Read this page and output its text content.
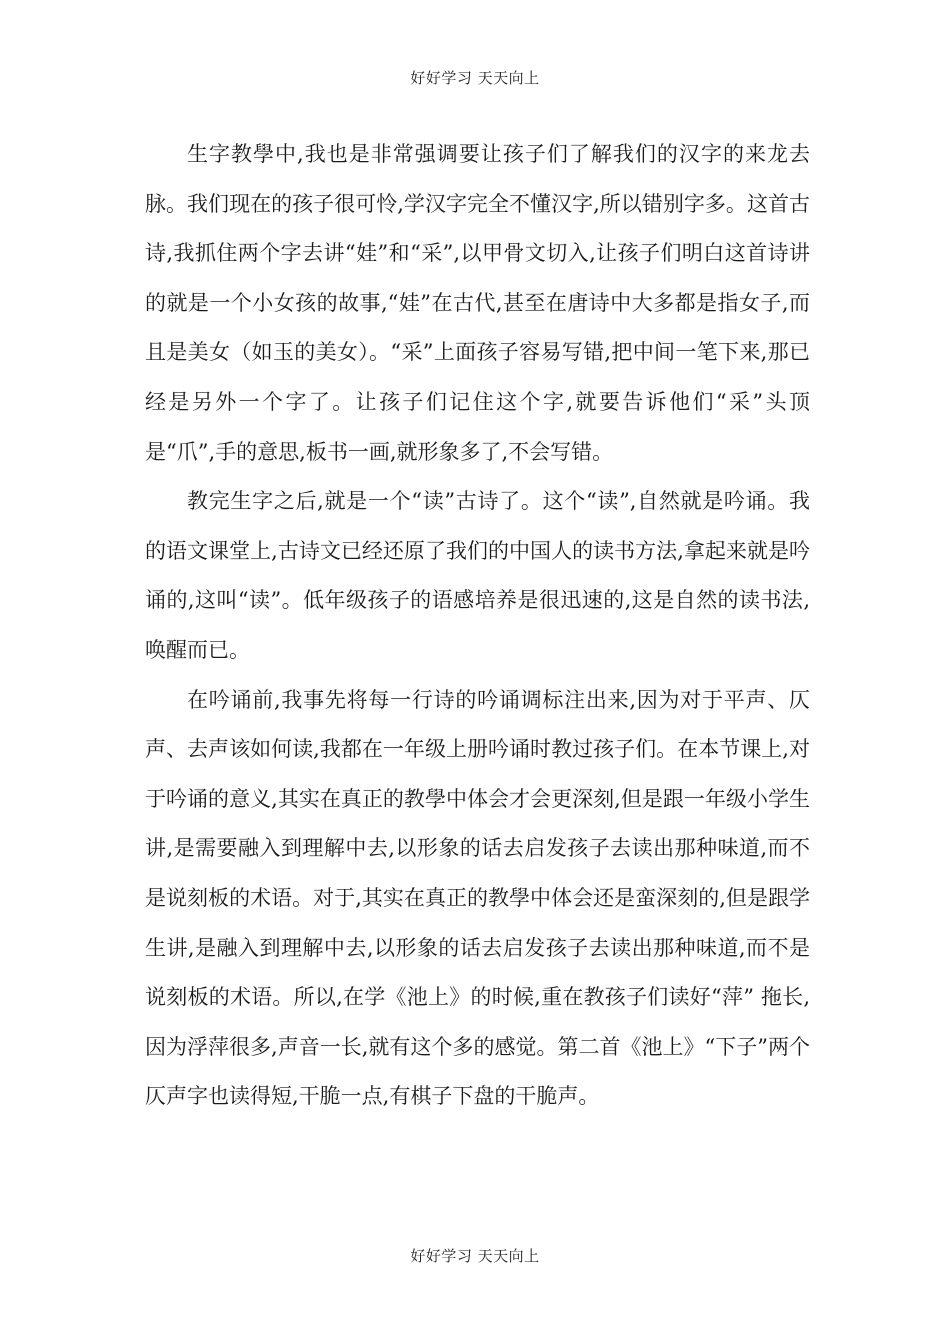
好好学习 天天向上

生字教學中,我也是非常强调要让孩子们了解我们的汉字的来龙去脉。我们现在的孩子很可怜,学汉字完全不懂汉字,所以错别字多。这首古诗,我抓住两个字去讲“娃”和“采”,以甲骨文切入,让孩子们明白这首诗讲的就是一个小女孩的故事,“娃”在古代,甚至在唐诗中大多都是指女子,而且是美女（如玉的美女）。“采”上面孩子容易写错,把中间一笔下来,那已经是另外一个字了。让孩子们记住这个字,就要告诉他们“采”头顶是“爪”,手的意思,板书一画,就形象多了,不会写错。

教完生字之后,就是一个“读”古诗了。这个“读”,自然就是吟诵。我的语文课堂上,古诗文已经还原了我们的中国人的读书方法,拿起来就是吟诵的,这叫“读”。低年级孩子的语感培养是很迅速的,这是自然的读书法,唤醒而已。

在吟诵前,我事先将每一行诗的吟诵调标注出来,因为对于平声、仄声、去声该如何读,我都在一年级上册吟诵时教过孩子们。在本节课上,对于吟诵的意义,其实在真正的教學中体会才会更深刻,但是跟一年级小学生讲,是需要融入到理解中去,以形象的话去启发孩子去读出那种味道,而不是说刻板的术语。对于,其实在真正的教學中体会还是蛮深刻的,但是跟学生讲,是融入到理解中去,以形象的话去启发孩子去读出那种味道,而不是说刻板的术语。所以,在学《池上》的时候,重在教孩子们读好“萍” 拖长,因为浮萍很多,声音一长,就有这个多的感觉。第二首《池上》“下子”两个仄声字也读得短,干脆一点,有棋子下盘的干脆声。

好好学习 天天向上
